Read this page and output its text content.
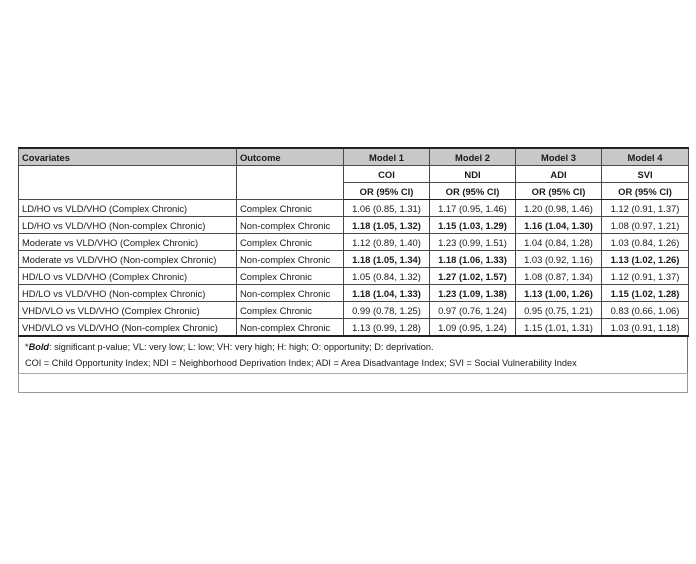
Covariates	Outcome	Model 1	Model 2	Model 3	Model 4
		COI	NDI	ADI	SVI
		OR (95% CI)	OR (95% CI)	OR (95% CI)	OR (95% CI)
LD/HO vs VLD/VHO (Complex Chronic)	Complex Chronic	1.06 (0.85, 1.31)	1.17 (0.95, 1.46)	1.20 (0.98, 1.46)	1.12 (0.91, 1.37)
LD/HO vs VLD/VHO (Non-complex Chronic)	Non-complex Chronic	1.18 (1.05, 1.32)	1.15 (1.03, 1.29)	1.16 (1.04, 1.30)	1.08 (0.97, 1.21)
Moderate vs VLD/VHO (Complex Chronic)	Complex Chronic	1.12 (0.89, 1.40)	1.23 (0.99, 1.51)	1.04 (0.84, 1.28)	1.03 (0.84, 1.26)
Moderate vs VLD/VHO (Non-complex Chronic)	Non-complex Chronic	1.18 (1.05, 1.34)	1.18 (1.06, 1.33)	1.03 (0.92, 1.16)	1.13 (1.02, 1.26)
HD/LO vs VLD/VHO (Complex Chronic)	Complex Chronic	1.05 (0.84, 1.32)	1.27 (1.02, 1.57)	1.08 (0.87, 1.34)	1.12 (0.91, 1.37)
HD/LO vs VLD/VHO (Non-complex Chronic)	Non-complex Chronic	1.18 (1.04, 1.33)	1.23 (1.09, 1.38)	1.13 (1.00, 1.26)	1.15 (1.02, 1.28)
VHD/VLO vs VLD/VHO (Complex Chronic)	Complex Chronic	0.99 (0.78, 1.25)	0.97 (0.76, 1.24)	0.95 (0.75, 1.21)	0.83 (0.66, 1.06)
VHD/VLO vs VLD/VHO (Non-complex Chronic)	Non-complex Chronic	1.13 (0.99, 1.28)	1.09 (0.95, 1.24)	1.15 (1.01, 1.31)	1.03 (0.91, 1.18)
*Bold: significant p-value; VL: very low; L: low; VH: very high; H: high; O: opportunity; D: deprivation.
COI = Child Opportunity Index; NDI = Neighborhood Deprivation Index; ADI = Area Disadvantage Index; SVI = Social Vulnerability Index
